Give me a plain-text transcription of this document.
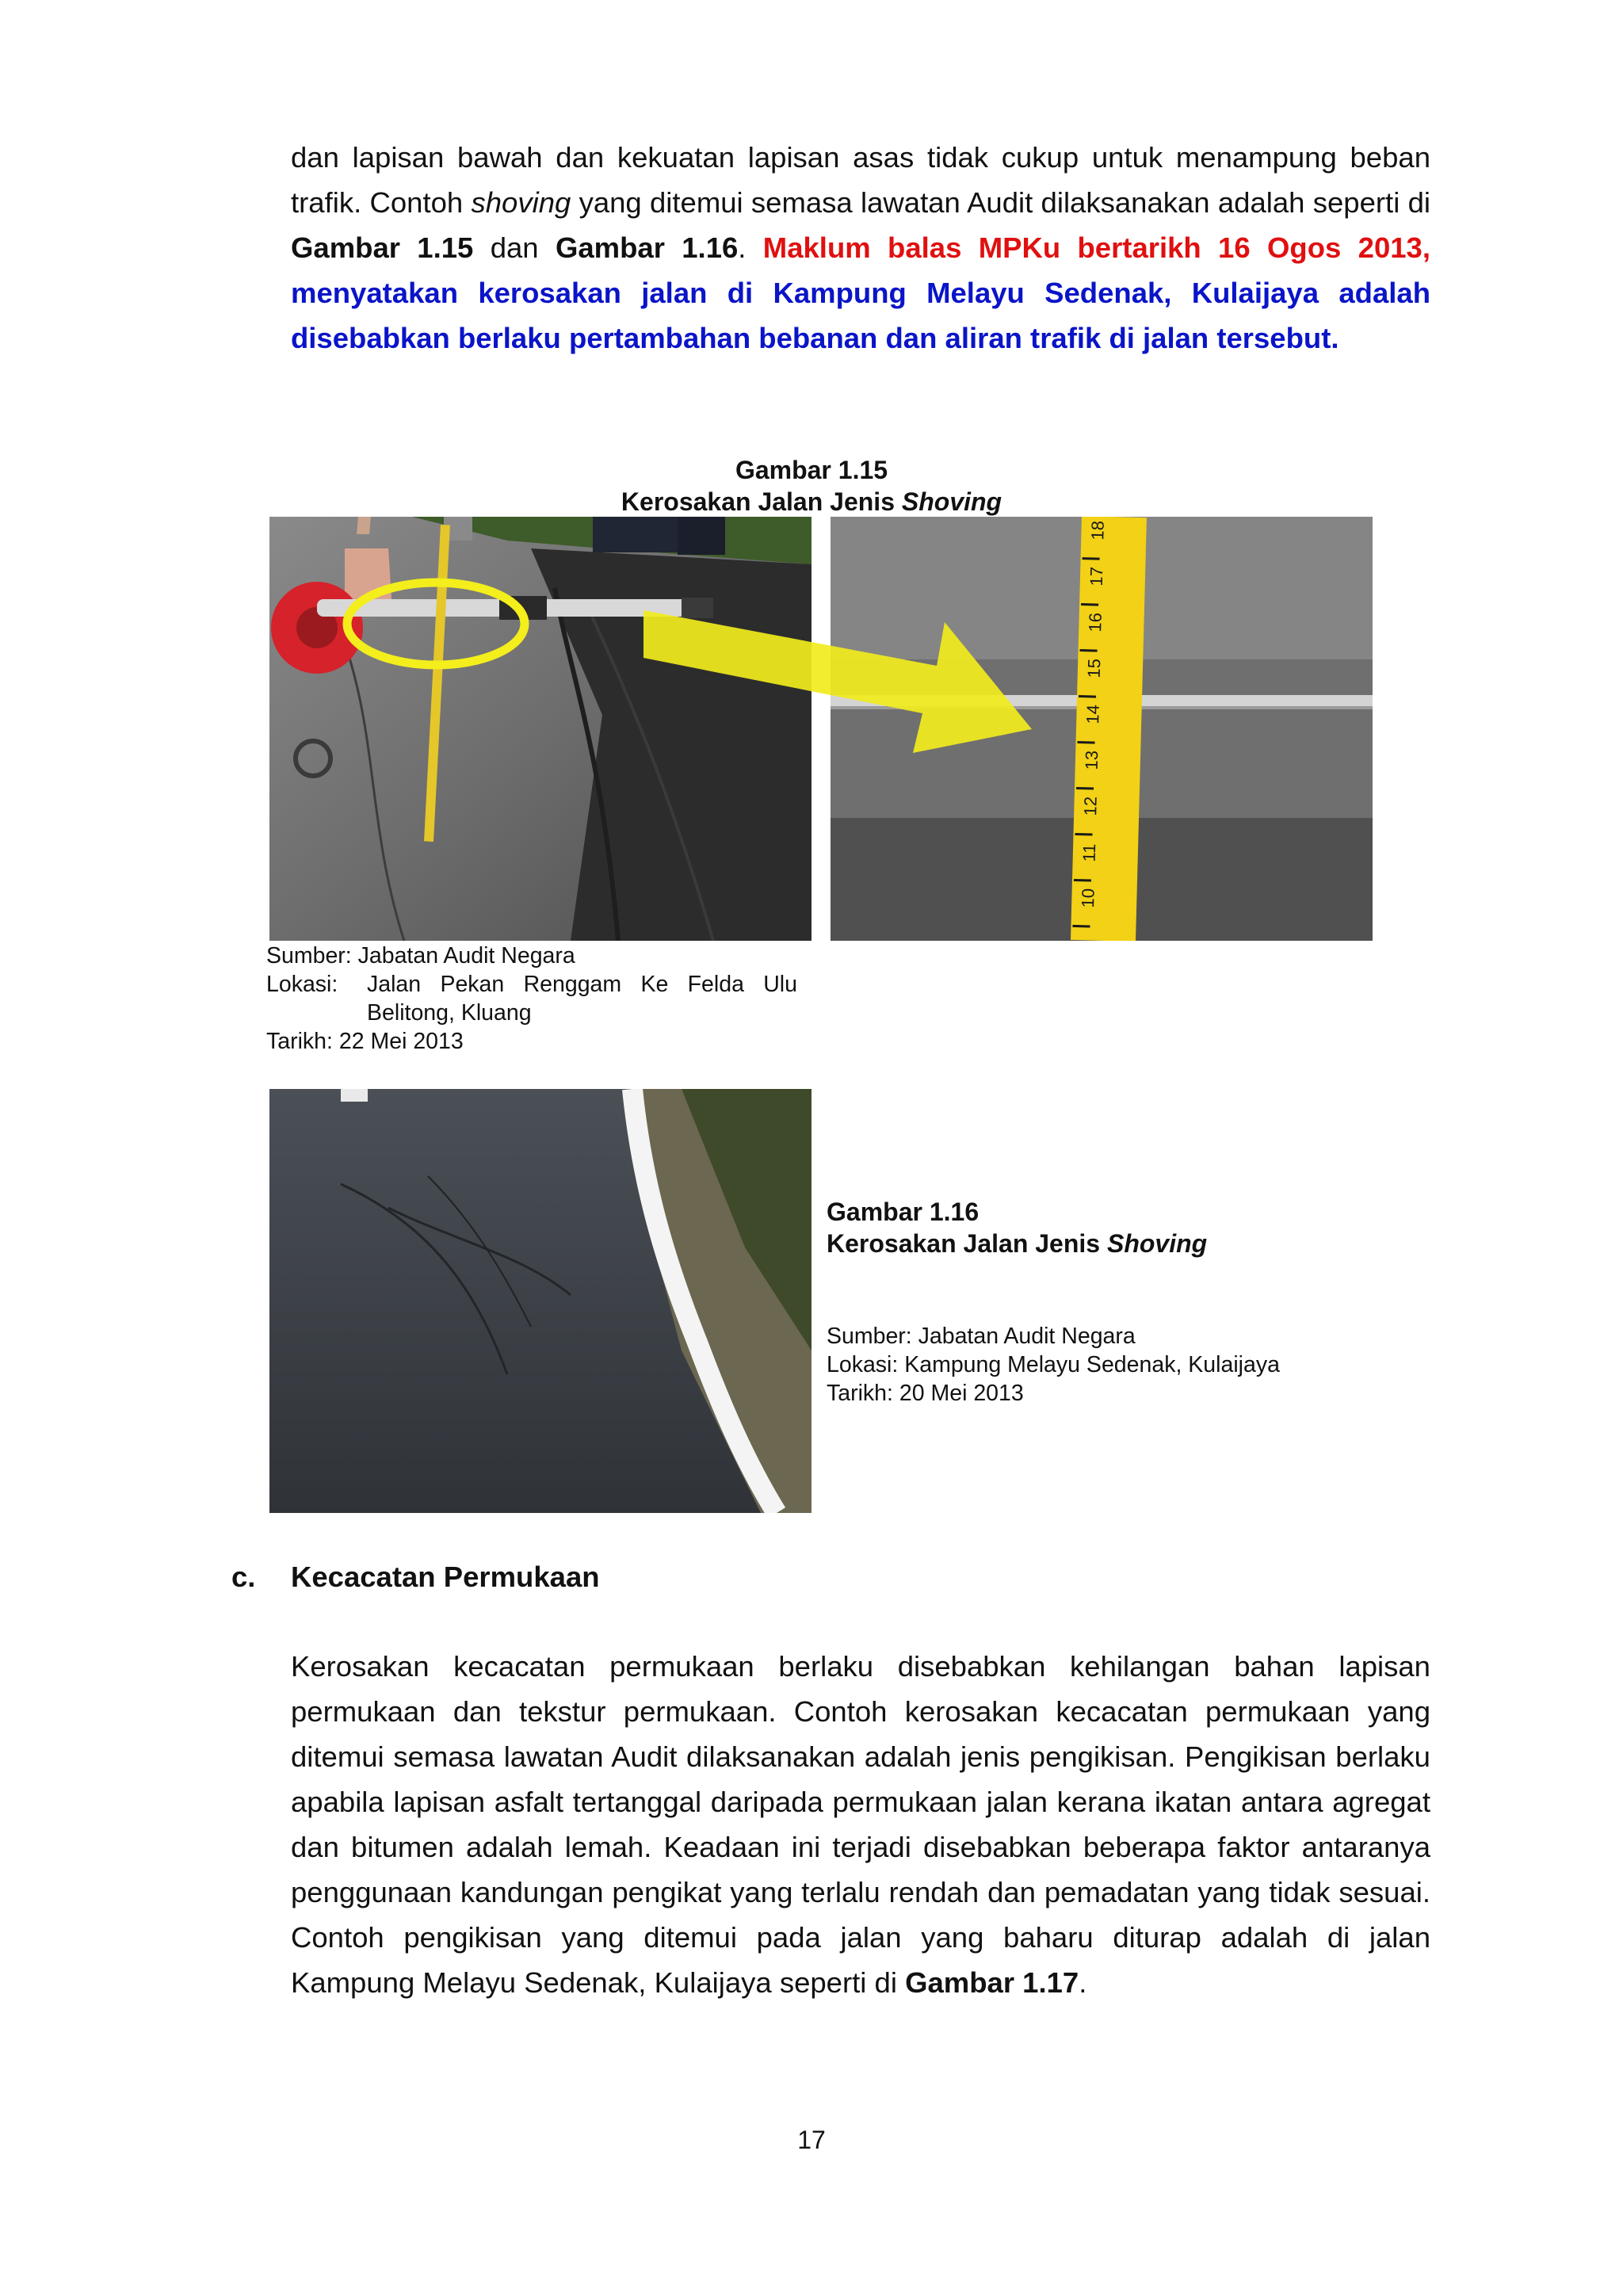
dan lapisan bawah dan kekuatan lapisan asas tidak cukup untuk menampung beban trafik. Contoh shoving yang ditemui semasa lawatan Audit dilaksanakan adalah seperti di Gambar 1.15 dan Gambar 1.16. Maklum balas MPKu bertarikh 16 Ogos 2013, menyatakan kerosakan jalan di Kampung Melayu Sedenak, Kulaijaya adalah disebabkan berlaku pertambahan bebanan dan aliran trafik di jalan tersebut.

Gambar 1.15
Kerosakan Jalan Jenis Shoving
18
17
16
15
14
13
12
11
10
Sumber: Jabatan Audit Negara
Lokasi:	Jalan Pekan Renggam Ke Felda Ulu Belitong, Kluang
Tarikh: 22 Mei 2013
Gambar 1.16
Kerosakan Jalan Jenis Shoving
Sumber: Jabatan Audit Negara
Lokasi: Kampung Melayu Sedenak, Kulaijaya
Tarikh: 20 Mei 2013
c. Kecacatan Permukaan

Kerosakan kecacatan permukaan berlaku disebabkan kehilangan bahan lapisan permukaan dan tekstur permukaan. Contoh kerosakan kecacatan permukaan yang ditemui semasa lawatan Audit dilaksanakan adalah jenis pengikisan. Pengikisan berlaku apabila lapisan asfalt tertanggal daripada permukaan jalan kerana ikatan antara agregat dan bitumen adalah lemah. Keadaan ini terjadi disebabkan beberapa faktor antaranya penggunaan kandungan pengikat yang terlalu rendah dan pemadatan yang tidak sesuai. Contoh pengikisan yang ditemui pada jalan yang baharu diturap adalah di jalan Kampung Melayu Sedenak, Kulaijaya seperti di Gambar 1.17.

17
